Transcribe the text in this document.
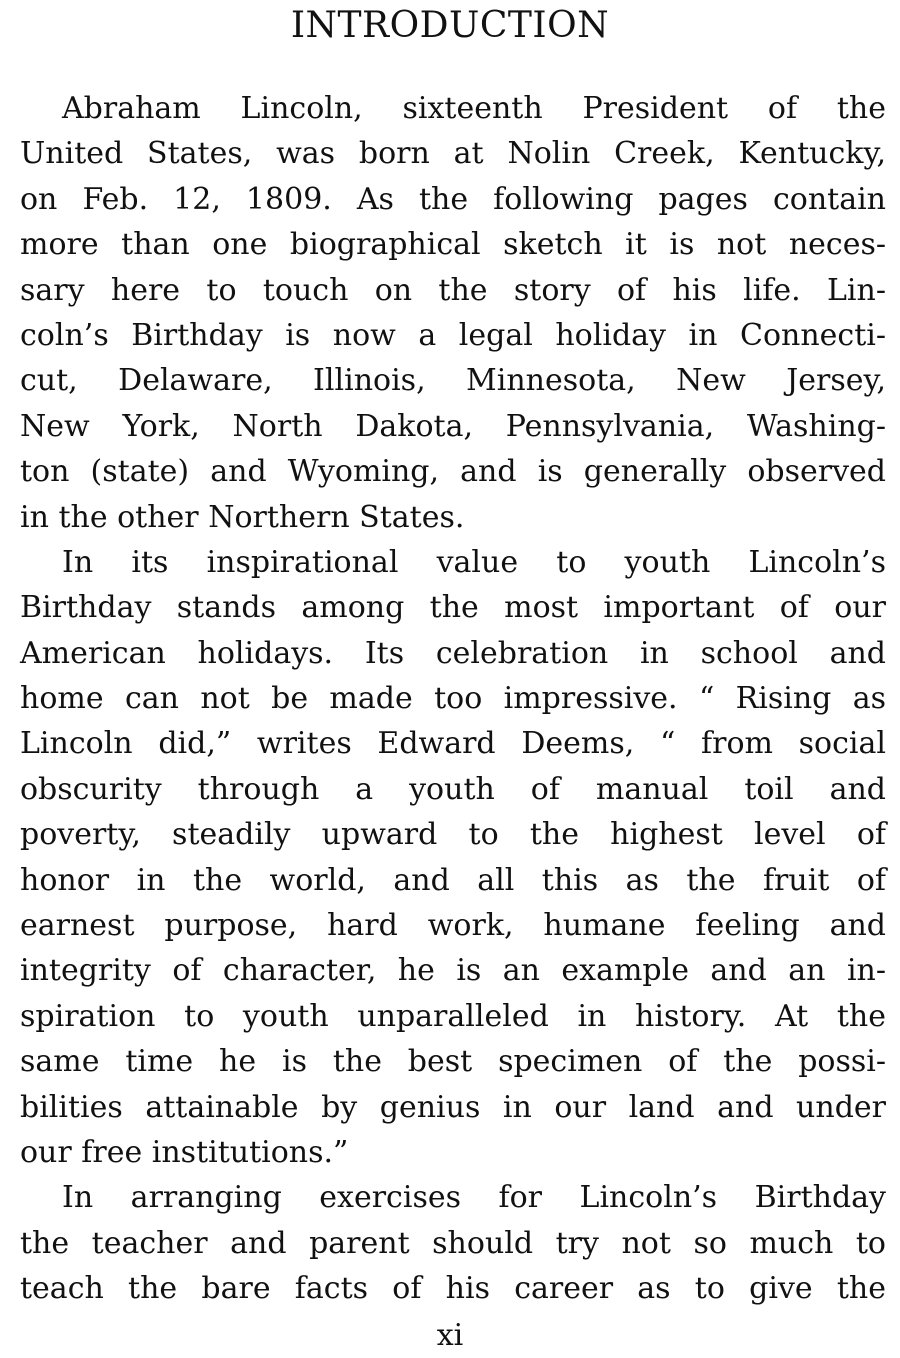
INTRODUCTION
Abraham Lincoln, sixteenth President of the
United States, was born at Nolin Creek, Kentucky,
on Feb. 12, 1809. As the following pages contain
more than one biographical sketch it is not neces-
sary here to touch on the story of his life. Lin-
coln’s Birthday is now a legal holiday in Connecti-
cut, Delaware, Illinois, Minnesota, New Jersey,
New York, North Dakota, Pennsylvania, Washing-
ton (state) and Wyoming, and is generally observed
in the other Northern States.
In its inspirational value to youth Lincoln’s
Birthday stands among the most important of our
American holidays. Its celebration in school and
home can not be made too impressive. “ Rising as
Lincoln did,” writes Edward Deems, “ from social
obscurity through a youth of manual toil and
poverty, steadily upward to the highest level of
honor in the world, and all this as the fruit of
earnest purpose, hard work, humane feeling and
integrity of character, he is an example and an in-
spiration to youth unparalleled in history. At the
same time he is the best specimen of the possi-
bilities attainable by genius in our land and under
our free institutions.”
In arranging exercises for Lincoln’s Birthday
the teacher and parent should try not so much to
teach the bare facts of his career as to give the
xi
